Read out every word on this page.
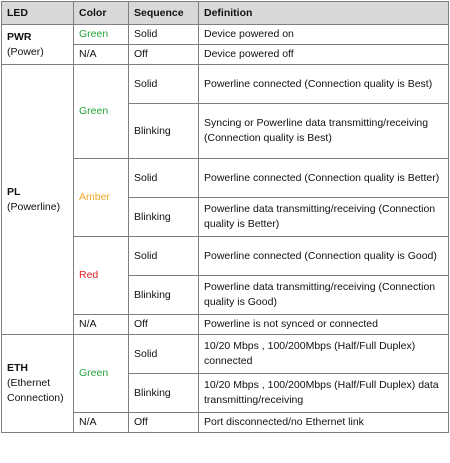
LED	Color	Sequence	Definition

PWR
(Power)	Green	Solid	Device powered on
	N/A	Off	Device powered off

PL
(Powerline)	Green	Solid	Powerline connected (Connection quality is Best)
		Blinking	Syncing or Powerline data transmitting/receiving (Connection quality is Best)
	Amber	Solid	Powerline connected (Connection quality is Better)
		Blinking	Powerline data transmitting/receiving (Connection quality is Better)
	Red	Solid	Powerline connected (Connection quality is Good)
		Blinking	Powerline data transmitting/receiving (Connection quality is Good)
	N/A	Off	Powerline is not synced or connected

ETH
(Ethernet Connection)	Green	Solid	10/20 Mbps , 100/200Mbps (Half/Full Duplex) connected
		Blinking	10/20 Mbps , 100/200Mbps (Half/Full Duplex) data transmitting/receiving
	N/A	Off	Port disconnected/no Ethernet link
